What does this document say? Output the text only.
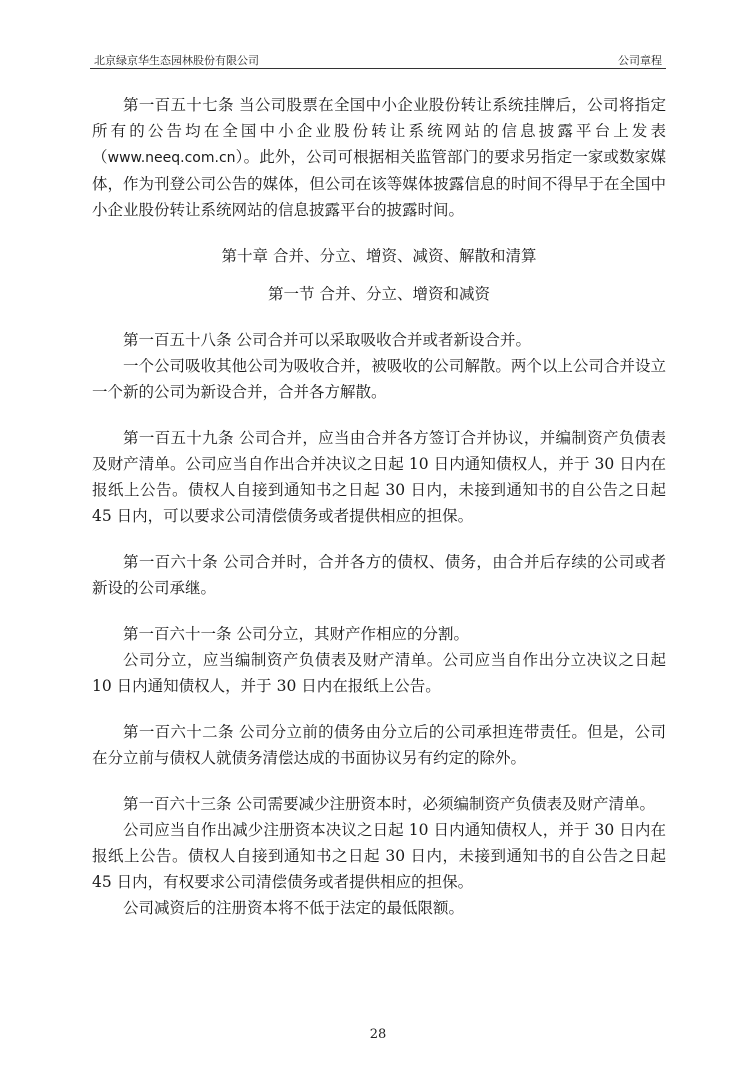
北京绿京华生态园林股份有限公司	公司章程

第一百五十七条 当公司股票在全国中小企业股份转让系统挂牌后，公司将指定所有的公告均在全国中小企业股份转让系统网站的信息披露平台上发表（www.neeq.com.cn）。此外，公司可根据相关监管部门的要求另指定一家或数家媒体，作为刊登公司公告的媒体，但公司在该等媒体披露信息的时间不得早于在全国中小企业股份转让系统网站的信息披露平台的披露时间。

第十章 合并、分立、增资、减资、解散和清算

第一节 合并、分立、增资和减资

第一百五十八条 公司合并可以采取吸收合并或者新设合并。

一个公司吸收其他公司为吸收合并，被吸收的公司解散。两个以上公司合并设立一个新的公司为新设合并，合并各方解散。

第一百五十九条 公司合并，应当由合并各方签订合并协议，并编制资产负债表及财产清单。公司应当自作出合并决议之日起 10 日内通知债权人，并于 30 日内在报纸上公告。债权人自接到通知书之日起 30 日内，未接到通知书的自公告之日起 45 日内，可以要求公司清偿债务或者提供相应的担保。

第一百六十条 公司合并时，合并各方的债权、债务，由合并后存续的公司或者新设的公司承继。

第一百六十一条 公司分立，其财产作相应的分割。

公司分立，应当编制资产负债表及财产清单。公司应当自作出分立决议之日起 10 日内通知债权人，并于 30 日内在报纸上公告。

第一百六十二条 公司分立前的债务由分立后的公司承担连带责任。但是，公司在分立前与债权人就债务清偿达成的书面协议另有约定的除外。

第一百六十三条 公司需要减少注册资本时，必须编制资产负债表及财产清单。

公司应当自作出减少注册资本决议之日起 10 日内通知债权人，并于 30 日内在报纸上公告。债权人自接到通知书之日起 30 日内，未接到通知书的自公告之日起 45 日内，有权要求公司清偿债务或者提供相应的担保。

公司减资后的注册资本将不低于法定的最低限额。

28
